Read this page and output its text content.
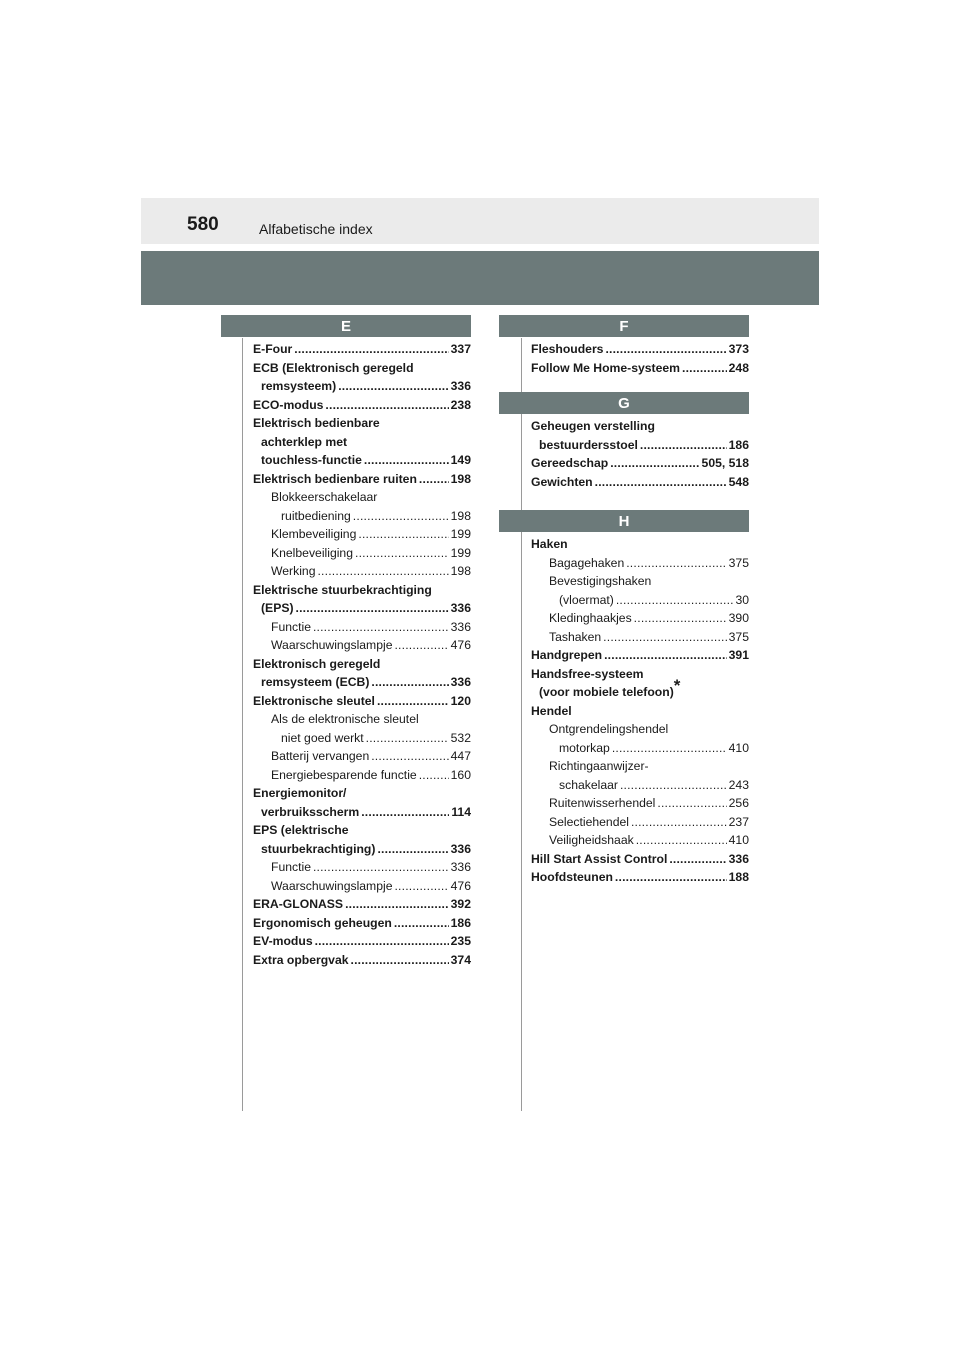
580	Alfabetische index
E
E-Four . . .	337
ECB (Elektronisch geregeld
remsysteem) . . .	336
ECO-modus . . .	238
Elektrisch bedienbare
achterklep met
touchless-functie . . .	149
Elektrisch bedienbare ruiten . . .	198
Blokkeerschakelaar
ruitbediening . . .	198
Klembeveiliging . . .	199
Knelbeveiliging . . .	199
Werking . . .	198
Elektrische stuurbekrachtiging
(EPS) . . .	336
Functie . . .	336
Waarschuwingslampje . . .	476
Elektronisch geregeld
remsysteem (ECB) . . .	336
Elektronische sleutel . . .	120
Als de elektronische sleutel
niet goed werkt . . .	532
Batterij vervangen . . .	447
Energiebesparende functie . . .	160
Energiemonitor/
verbruiksscherm . . .	114
EPS (elektrische
stuurbekrachtiging) . . .	336
Functie . . .	336
Waarschuwingslampje . . .	476
ERA-GLONASS . . .	392
Ergonomisch geheugen . . .	186
EV-modus . . .	235
Extra opbergvak . . .	374
F
Fleshouders . . .	373
Follow Me Home-systeem . . .	248
G
Geheugen verstelling
bestuurdersstoel . . .	186
Gereedschap . . .	505, 518
Gewichten . . .	548
H
Haken
Bagagehaken . . .	375
Bevestigingshaken
(vloermat) . . .	30
Kledinghaakjes . . .	390
Tashaken . . .	375
Handgrepen . . .	391
Handsfree-systeem
(voor mobiele telefoon)*
Hendel
Ontgrendelingshendel
motorkap . . .	410
Richtingaanwijzer-
schakelaar . . .	243
Ruitenwisserhendel . . .	256
Selectiehendel . . .	237
Veiligheidshaak . . .	410
Hill Start Assist Control . . .	336
Hoofdsteunen . . .	188
